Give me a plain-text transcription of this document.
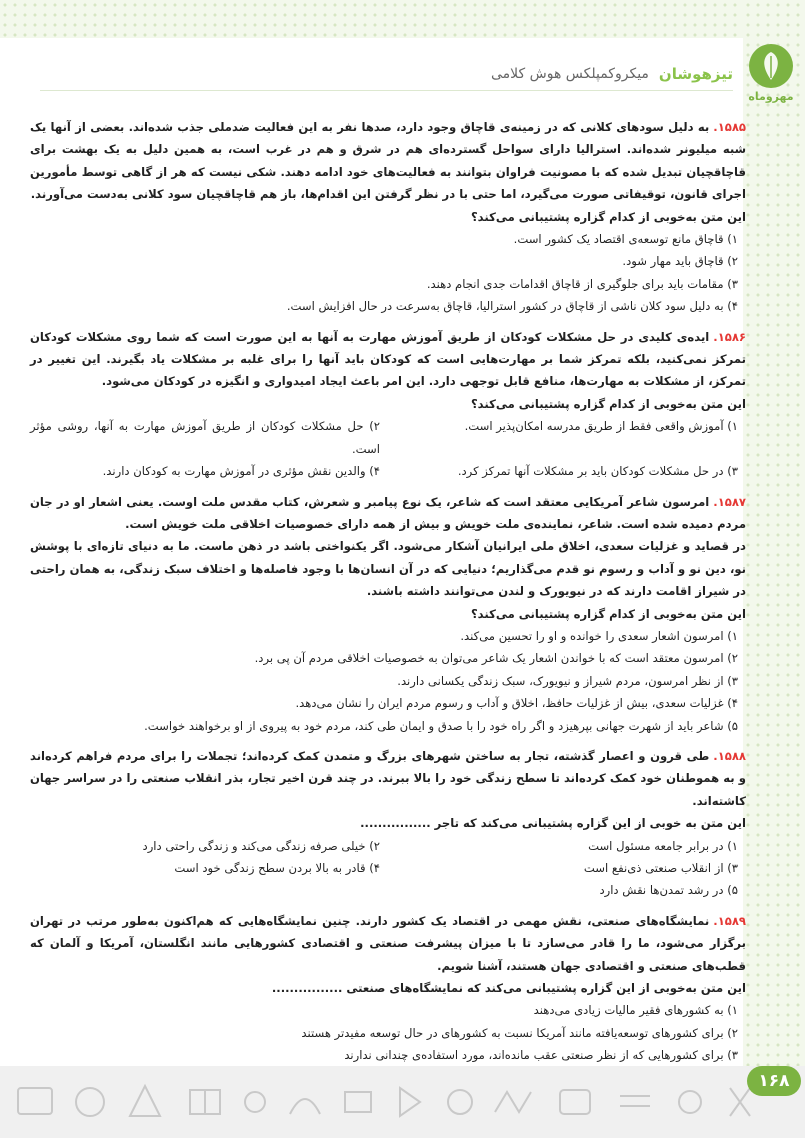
مهروماه
تیزهوشان
میکروکمپلکس هوش کلامی
۱۵۸۵.به دلیل سودهای کلانی که در زمینه‌ی قاچاق وجود دارد، صدها نفر به این فعالیت ضدملی جذب شده‌اند. بعضی از آنها یک شبه میلیونر شده‌اند. استرالیا دارای سواحل گسترده‌ای هم در شرق و هم در غرب است، به همین دلیل به یک بهشت برای قاچاقچیان تبدیل شده که با مصونیت فراوان بتوانند به فعالیت‌های خود ادامه دهند. شکی نیست که هر از گاهی توسط مأمورین اجرای قانون، توقیفاتی صورت می‌گیرد، اما حتی با در نظر گرفتن این اقدام‌ها، باز هم قاچاقچیان سود کلانی به‌دست می‌آورند.
این متن به‌خوبی از کدام گزاره پشتیبانی می‌کند؟
۱) قاچاق مانع توسعه‌ی اقتصاد یک کشور است.
۲) قاچاق باید مهار شود.
۳) مقامات باید برای جلوگیری از قاچاق اقدامات جدی انجام دهند.
۴) به دلیل سود کلان ناشی از قاچاق در کشور استرالیا، قاچاق به‌سرعت در حال افزایش است.
۱۵۸۶.ایده‌ی کلیدی در حل مشکلات کودکان از طریق آموزش مهارت به آنها به این صورت است که شما روی مشکلات کودکان تمرکز نمی‌کنید، بلکه تمرکز شما بر مهارت‌هایی است که کودکان باید آنها را برای غلبه بر مشکلات یاد بگیرند. این تغییر در تمرکز، از مشکلات به مهارت‌ها، منافع قابل توجهی دارد. این امر باعث ایجاد امیدواری و انگیزه در کودکان می‌شود.
این متن به‌خوبی از کدام گزاره پشتیبانی می‌کند؟
۱) آموزش واقعی فقط از طریق مدرسه امکان‌پذیر است.
۲) حل مشکلات کودکان از طریق آموزش مهارت به آنها، روشی مؤثر است.
۳) در حل مشکلات کودکان باید بر مشکلات آنها تمرکز کرد.
۴) والدین نقش مؤثری در آموزش مهارت به کودکان دارند.
۱۵۸۷.امرسون شاعر آمریکایی معتقد است که شاعر، یک نوع پیامبر و شعرش، کتاب مقدس ملت اوست. یعنی اشعار او در جان مردم دمیده شده است. شاعر، نماینده‌ی ملت خویش و بیش از همه دارای خصوصیات اخلاقی ملت خویش است.
در قصاید و غزلیات سعدی، اخلاق ملی ایرانیان آشکار می‌شود. اگر یکنواختی باشد در ذهن ماست. ما به دنیای تازه‌ای با پوشش نو، دین نو و آداب و رسوم نو قدم می‌گذاریم؛ دنیایی که در آن انسان‌ها با وجود فاصله‌ها و اختلاف سبک زندگی، به همان راحتی در شیراز اقامت دارند که در نیویورک و لندن می‌توانند داشته باشند.
این متن به‌خوبی از کدام گزاره پشتیبانی می‌کند؟
۱) امرسون اشعار سعدی را خوانده و او را تحسین می‌کند.
۲) امرسون معتقد است که با خواندن اشعار یک شاعر می‌توان به خصوصیات اخلاقی مردم آن پی برد.
۳) از نظر امرسون، مردم شیراز و نیویورک، سبک زندگی یکسانی دارند.
۴) غزلیات سعدی، بیش از غزلیات حافظ، اخلاق و آداب و رسوم مردم ایران را نشان می‌دهد.
۵) شاعر باید از شهرت جهانی بپرهیزد و اگر راه خود را با صدق و ایمان طی کند، مردم خود به پیروی از او برخواهند خواست.
۱۵۸۸.طی قرون و اعصار گذشته، تجار به ساختن شهرهای بزرگ و متمدن کمک کرده‌اند؛ تجملات را برای مردم فراهم کرده‌اند و به هموطنان خود کمک کرده‌اند تا سطح زندگی خود را بالا ببرند. در چند قرن اخیر تجار، بذر انقلاب صنعتی را در سراسر جهان کاشته‌اند.
این متن به خوبی از این گزاره پشتیبانی می‌کند که تاجر ................
۱) در برابر جامعه مسئول است
۲) خیلی صرفه زندگی می‌کند و زندگی راحتی دارد
۳) از انقلاب صنعتی ذی‌نفع است
۴) قادر به بالا بردن سطح زندگی خود است
۵) در رشد تمدن‌ها نقش دارد
۱۵۸۹.نمایشگاه‌های صنعتی، نقش مهمی در اقتصاد یک کشور دارند. چنین نمایشگاه‌هایی که هم‌اکنون به‌طور مرتب در تهران برگزار می‌شود، ما را قادر می‌سازد تا با میزان پیشرفت صنعتی و اقتصادی کشورهایی مانند انگلستان، آمریکا و آلمان که قطب‌های صنعتی و اقتصادی جهان هستند، آشنا شویم.
این متن به‌خوبی از این گزاره پشتیبانی می‌کند که نمایشگاه‌های صنعتی ................
۱) به کشورهای فقیر مالیات زیادی می‌دهند
۲) برای کشورهای توسعه‌یافته مانند آمریکا نسبت به کشورهای در حال توسعه مفیدتر هستند
۳) برای کشورهایی که از نظر صنعتی عقب مانده‌اند، مورد استفاده‌ی چندانی ندارند
۱۶۸
